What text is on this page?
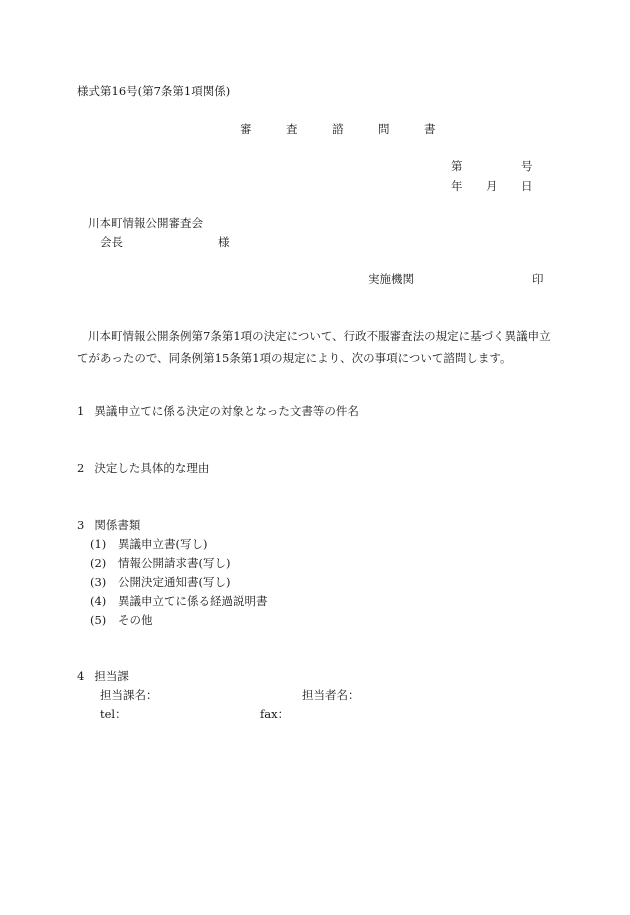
様式第16号(第7条第1項関係)
審	査	諮	問	書
第	号
年 月 日
川本町情報公開審査会
会長	様
実施機関	印
川本町情報公開条例第7条第1項の決定について、行政不服審査法の規定に基づく異議申立てがあったので、同条例第15条第1項の規定により、次の事項について諮問します。
1 異議申立てに係る決定の対象となった文書等の件名
2 決定した具体的な理由
3 関係書類
(1) 異議申立書(写し)
(2) 情報公開請求書(写し)
(3) 公開決定通知書(写し)
(4) 異議申立てに係る経過説明書
(5) その他
4 担当課
担当課名：	担当者名：
tel：	fax：
